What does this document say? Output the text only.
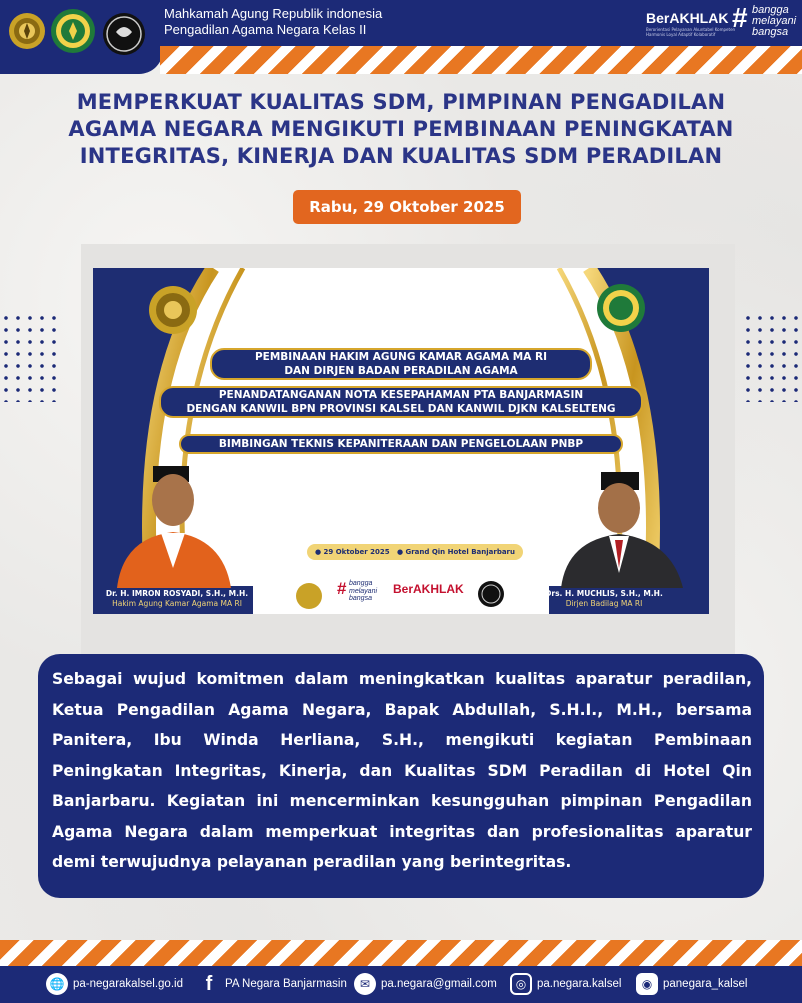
Mahkamah Agung Republik indonesia
Pengadilan Agama Negara Kelas II
BerAKHLAK
Berorientasi Pelayanan Akuntabel Kompeten Harmonis Loyal Adaptif Kolaboratif
# bangga
melayani
bangsa
MEMPERKUAT KUALITAS SDM, PIMPINAN PENGADILAN
AGAMA NEGARA MENGIKUTI PEMBINAAN PENINGKATAN
INTEGRITAS, KINERJA DAN KUALITAS SDM PERADILAN
Rabu, 29 Oktober 2025
PEMBINAAN HAKIM AGUNG KAMAR AGAMA MA RI
DAN DIRJEN BADAN PERADILAN AGAMA
PENANDATANGANAN NOTA KESEPAHAMAN PTA BANJARMASIN
DENGAN KANWIL BPN PROVINSI KALSEL DAN KANWIL DJKN KALSELTENG
BIMBINGAN TEKNIS KEPANITERAAN DAN PENGELOLAAN PNBP
● 29 Oktober 2025 ● Grand Qin Hotel Banjarbaru
# bangga
melayani
bangsa
BerAKHLAK
Dr. H. IMRON ROSYADI, S.H., M.H.
Hakim Agung Kamar Agama MA RI
Drs. H. MUCHLIS, S.H., M.H.
Dirjen Badilag MA RI

Sebagai wujud komitmen dalam meningkatkan kualitas aparatur peradilan, Ketua Pengadilan Agama Negara, Bapak Abdullah, S.H.I., M.H., bersama Panitera, Ibu Winda Herliana, S.H., mengikuti kegiatan Pembinaan Peningkatan Integritas, Kinerja, dan Kualitas SDM Peradilan di Hotel Qin Banjarbaru. Kegiatan ini mencerminkan kesungguhan pimpinan Pengadilan Agama Negara dalam memperkuat integritas dan profesionalitas aparatur demi terwujudnya pelayanan peradilan yang berintegritas.

🌐 pa-negarakalsel.go.id	f PA Negara Banjarmasin	✉ pa.negara@gmail.com	◎ pa.negara.kalsel	◉ panegara_kalsel
